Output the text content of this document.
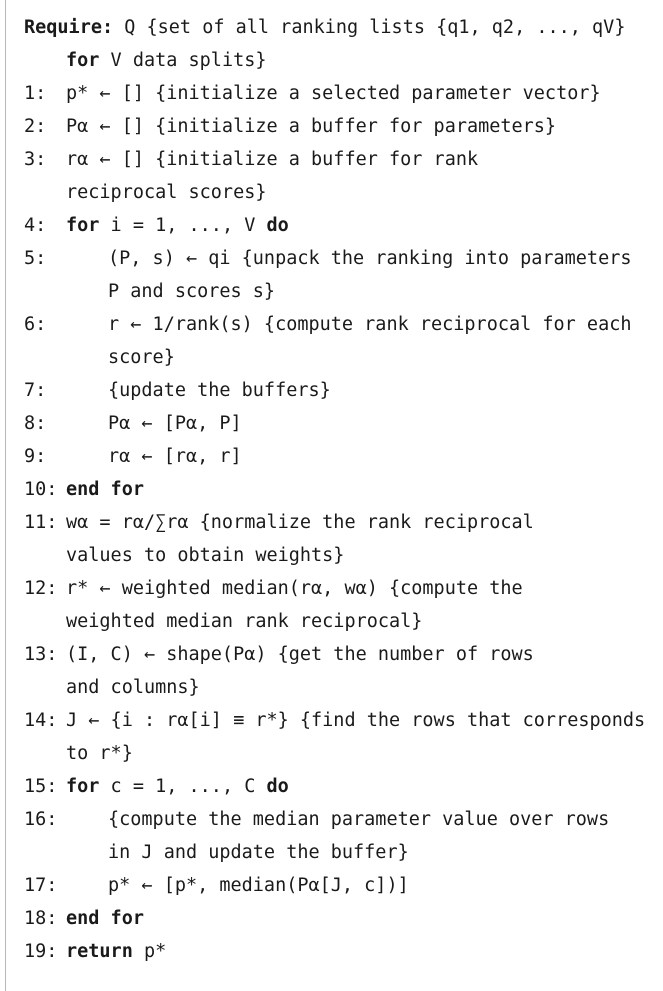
Require: Q {set of all ranking lists {q1, q2, ..., qV}
for V data splits}
1:	p* ← [] {initialize a selected parameter vector}
2:	Pα ← [] {initialize a buffer for parameters}
3:	rα ← [] {initialize a buffer for rank
reciprocal scores}
4:	for i = 1, ..., V do
5:	(P, s) ← qi {unpack the ranking into parameters
P and scores s}
6:	r ← 1/rank(s) {compute rank reciprocal for each
score}
7:	{update the buffers}
8:	Pα ← [Pα, P]
9:	rα ← [rα, r]
10: end for
11: wα = rα/∑rα {normalize the rank reciprocal
values to obtain weights}
12: r* ← weighted median(rα, wα) {compute the
weighted median rank reciprocal}
13: (I, C) ← shape(Pα) {get the number of rows
and columns}
14: J ← {i : rα[i] ≡ r*} {find the rows that corresponds
to r*}
15: for c = 1, ..., C do
16:	{compute the median parameter value over rows
in J and update the buffer}
17:	p* ← [p*, median(Pα[J, c])]
18: end for
19: return p*
